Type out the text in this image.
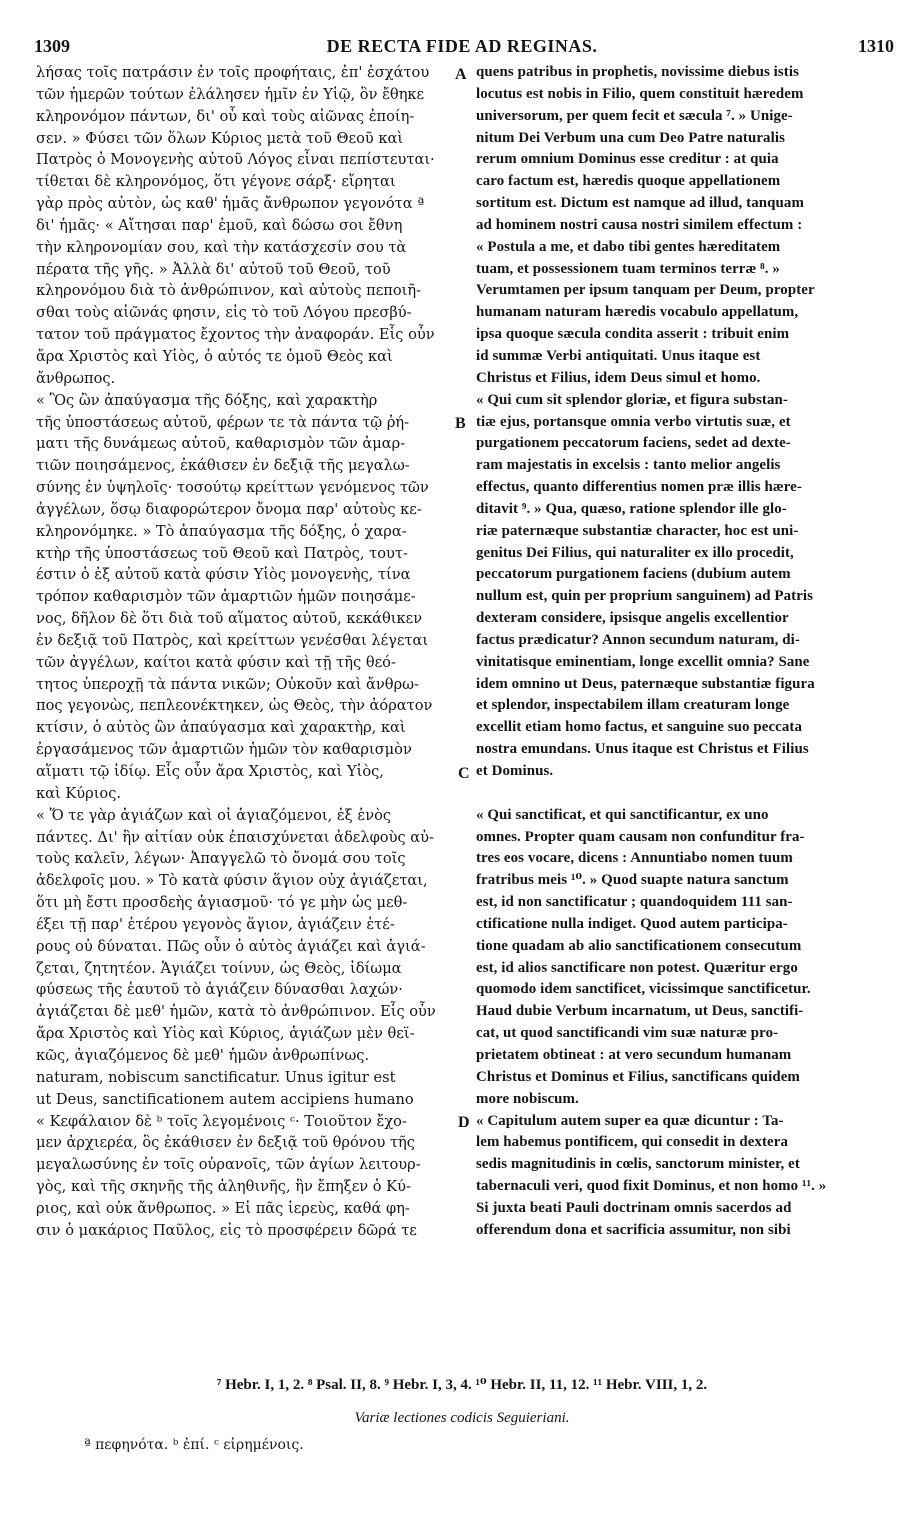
1309	DE RECTA FIDE AD REGINAS.	1310
λήσας τοῖς πατράσιν ἐν τοῖς προφήταις, ἐπ' ἐσχάτου
τῶν ἡμερῶν τούτων ἐλάλησεν ἡμῖν ἐν Υἱῷ, ὃν ἔθηκε
κληρονόμον πάντων, δι' οὗ καὶ τοὺς αἰῶνας ἐποίη-
σεν. » Φύσει τῶν ὅλων Κύριος μετὰ τοῦ Θεοῦ καὶ
Πατρὸς ὁ Μονογενὴς αὐτοῦ Λόγος εἶναι πεπίστευται·
τίθεται δὲ κληρονόμος, ὅτι γέγονε σάρξ· εἴρηται
γὰρ πρὸς αὐτὸν, ὡς καθ' ἡμᾶς ἄνθρωπον γεγονότα ª
δι' ἡμᾶς· « Αἴτησαι παρ' ἐμοῦ, καὶ δώσω σοι ἔθνη
τὴν κληρονομίαν σου, καὶ τὴν κατάσχεσίν σου τὰ
πέρατα τῆς γῆς. » Ἀλλὰ δι' αὐτοῦ τοῦ Θεοῦ, τοῦ
κληρονόμου διὰ τὸ ἀνθρώπινον, καὶ αὐτοὺς πεποιῆ-
σθαι τοὺς αἰῶνάς φησιν, εἰς τὸ τοῦ Λόγου πρεσβύ-
τατον τοῦ πράγματος ἔχοντος τὴν ἀναφοράν. Εἷς οὖν
ἄρα Χριστὸς καὶ Υἱὸς, ὁ αὐτός τε ὁμοῦ Θεὸς καὶ
ἄνθρωπος.
« Ὃς ὢν ἀπαύγασμα τῆς δόξης, καὶ χαρακτὴρ
τῆς ὑποστάσεως αὐτοῦ, φέρων τε τὰ πάντα τῷ ῥή-
ματι τῆς δυνάμεως αὐτοῦ, καθαρισμὸν τῶν ἁμαρ-
τιῶν ποιησάμενος, ἐκάθισεν ἐν δεξιᾷ τῆς μεγαλω-
σύνης ἐν ὑψηλοῖς· τοσούτῳ κρείττων γενόμενος τῶν
ἀγγέλων, ὅσῳ διαφορώτερον ὄνομα παρ' αὐτοὺς κε-
κληρονόμηκε. » Τὸ ἀπαύγασμα τῆς δόξης, ὁ χαρα-
κτὴρ τῆς ὑποστάσεως τοῦ Θεοῦ καὶ Πατρὸς, τουτ-
έστιν ὁ ἐξ αὐτοῦ κατὰ φύσιν Υἱὸς μονογενὴς, τίνα
τρόπον καθαρισμὸν τῶν ἁμαρτιῶν ἡμῶν ποιησάμε-
νος, δῆλον δὲ ὅτι διὰ τοῦ αἵματος αὐτοῦ, κεκάθικεν
ἐν δεξιᾷ τοῦ Πατρὸς, καὶ κρείττων γενέσθαι λέγεται
τῶν ἀγγέλων, καίτοι κατὰ φύσιν καὶ τῇ τῆς θεό-
τητος ὑπεροχῇ τὰ πάντα νικῶν; Οὐκοῦν καὶ ἄνθρω-
πος γεγονὼς, πεπλεονέκτηκεν, ὡς Θεὸς, τὴν ἀόρατον
κτίσιν, ὁ αὐτὸς ὢν ἀπαύγασμα καὶ χαρακτὴρ, καὶ
ἐργασάμενος τῶν ἁμαρτιῶν ἡμῶν τὸν καθαρισμὸν
αἵματι τῷ ἰδίῳ. Εἷς οὖν ἄρα Χριστὸς, καὶ Υἱὸς,
καὶ Κύριος.
« Ὅ τε γὰρ ἁγιάζων καὶ οἱ ἁγιαζόμενοι, ἐξ ἑνὸς
πάντες. Δι' ἣν αἰτίαν οὐκ ἐπαισχύνεται ἀδελφοὺς αὐ-
τοὺς καλεῖν, λέγων· Ἀπαγγελῶ τὸ ὄνομά σου τοῖς
ἀδελφοῖς μου. » Τὸ κατὰ φύσιν ἅγιον οὐχ ἁγιάζεται,
ὅτι μὴ ἔστι προσδεὴς ἁγιασμοῦ· τό γε μὴν ὡς μεθ-
έξει τῇ παρ' ἑτέρου γεγονὸς ἅγιον, ἁγιάζειν ἑτέ-
ρους οὐ δύναται. Πῶς οὖν ὁ αὐτὸς ἁγιάζει καὶ ἁγιά-
ζεται, ζητητέον. Ἁγιάζει τοίνυν, ὡς Θεὸς, ἰδίωμα
φύσεως τῆς ἑαυτοῦ τὸ ἁγιάζειν δύνασθαι λαχών·
ἁγιάζεται δὲ μεθ' ἡμῶν, κατὰ τὸ ἀνθρώπινον. Εἷς οὖν
ἄρα Χριστὸς καὶ Υἱὸς καὶ Κύριος, ἁγιάζων μὲν θεϊ-
κῶς, ἁγιαζόμενος δὲ μεθ' ἡμῶν ἀνθρωπίνως.
naturam, nobiscum sanctificatur. Unus igitur est
ut Deus, sanctificationem autem accipiens humano
« Κεφάλαιον δὲ ᵇ τοῖς λεγομένοις ᶜ· Τοιοῦτον ἔχο-
μεν ἀρχιερέα, ὃς ἐκάθισεν ἐν δεξιᾷ τοῦ θρόνου τῆς
μεγαλωσύνης ἐν τοῖς οὐρανοῖς, τῶν ἁγίων λειτουρ-
γὸς, καὶ τῆς σκηνῆς τῆς ἀληθινῆς, ἣν ἔπηξεν ὁ Κύ-
ριος, καὶ οὐκ ἄνθρωπος. » Εἰ πᾶς ἱερεὺς, καθά φη-
σιν ὁ μακάριος Παῦλος, εἰς τὸ προσφέρειν δῶρά τε
quens patribus in prophetis, novissime diebus istis
locutus est nobis in Filio, quem constituit hæredem
universorum, per quem fecit et sæcula ⁷. » Unige-
nitum Dei Verbum una cum Deo Patre naturalis
rerum omnium Dominus esse creditur : at quia
caro factum est, hæredis quoque appellationem
sortitum est. Dictum est namque ad illud, tanquam
ad hominem nostri causa nostri similem effectum :
« Postula a me, et dabo tibi gentes hæreditatem
tuam, et possessionem tuam terminos terræ ⁸. »
Verumtamen per ipsum tanquam per Deum, propter
humanam naturam hæredis vocabulo appellatum,
ipsa quoque sæcula condita asserit : tribuit enim
id summæ Verbi antiquitati. Unus itaque est
Christus et Filius, idem Deus simul et homo.
« Qui cum sit splendor gloriæ, et figura substan-
tiæ ejus, portansque omnia verbo virtutis suæ, et
purgationem peccatorum faciens, sedet ad dexte-
ram majestatis in excelsis : tanto melior angelis
effectus, quanto differentius nomen præ illis hære-
ditavit ⁹. » Qua, quæso, ratione splendor ille glo-
riæ paternæque substantiæ character, hoc est uni-
genitus Dei Filius, qui naturaliter ex illo procedit,
peccatorum purgationem faciens (dubium autem
nullum est, quin per proprium sanguinem) ad Patris
dexteram considere, ipsisque angelis excellentior
factus prædicatur? Annon secundum naturam, di-
vinitatisque eminentiam, longe excellit omnia? Sane
idem omnino ut Deus, paternæque substantiæ figura
et splendor, inspectabilem illam creaturam longe
excellit etiam homo factus, et sanguine suo peccata
nostra emundans. Unus itaque est Christus et Filius
et Dominus.
« Qui sanctificat, et qui sanctificantur, ex uno
omnes. Propter quam causam non confunditur fra-
tres eos vocare, dicens : Annuntiabo nomen tuum
fratribus meis ¹⁰. » Quod suapte natura sanctum
est, id non sanctificatur ; quandoquidem 111 san-
ctificatione nulla indiget. Quod autem participa-
tione quadam ab alio sanctificationem consecutum
est, id alios sanctificare non potest. Quæritur ergo
quomodo idem sanctificet, vicissimque sanctificetur.
Haud dubie Verbum incarnatum, ut Deus, sanctifi-
cat, ut quod sanctificandi vim suæ naturæ pro-
prietatem obtineat : at vero secundum humanam
Christus et Dominus et Filius, sanctificans quidem
more nobiscum.
« Capitulum autem super ea quæ dicuntur : Ta-
lem habemus pontificem, qui consedit in dextera
sedis magnitudinis in cœlis, sanctorum minister, et
tabernaculi veri, quod fixit Dominus, et non homo ¹¹. »
Si juxta beati Pauli doctrinam omnis sacerdos ad
offerendum dona et sacrificia assumitur, non sibi
A
B
C
D
⁷ Hebr. I, 1, 2. ⁸ Psal. II, 8. ⁹ Hebr. I, 3, 4. ¹⁰ Hebr. II, 11, 12. ¹¹ Hebr. VIII, 1, 2.
Variæ lectiones codicis Seguieriani.
ª πεφηνότα. ᵇ ἐπί. ᶜ εἰρημένοις.
